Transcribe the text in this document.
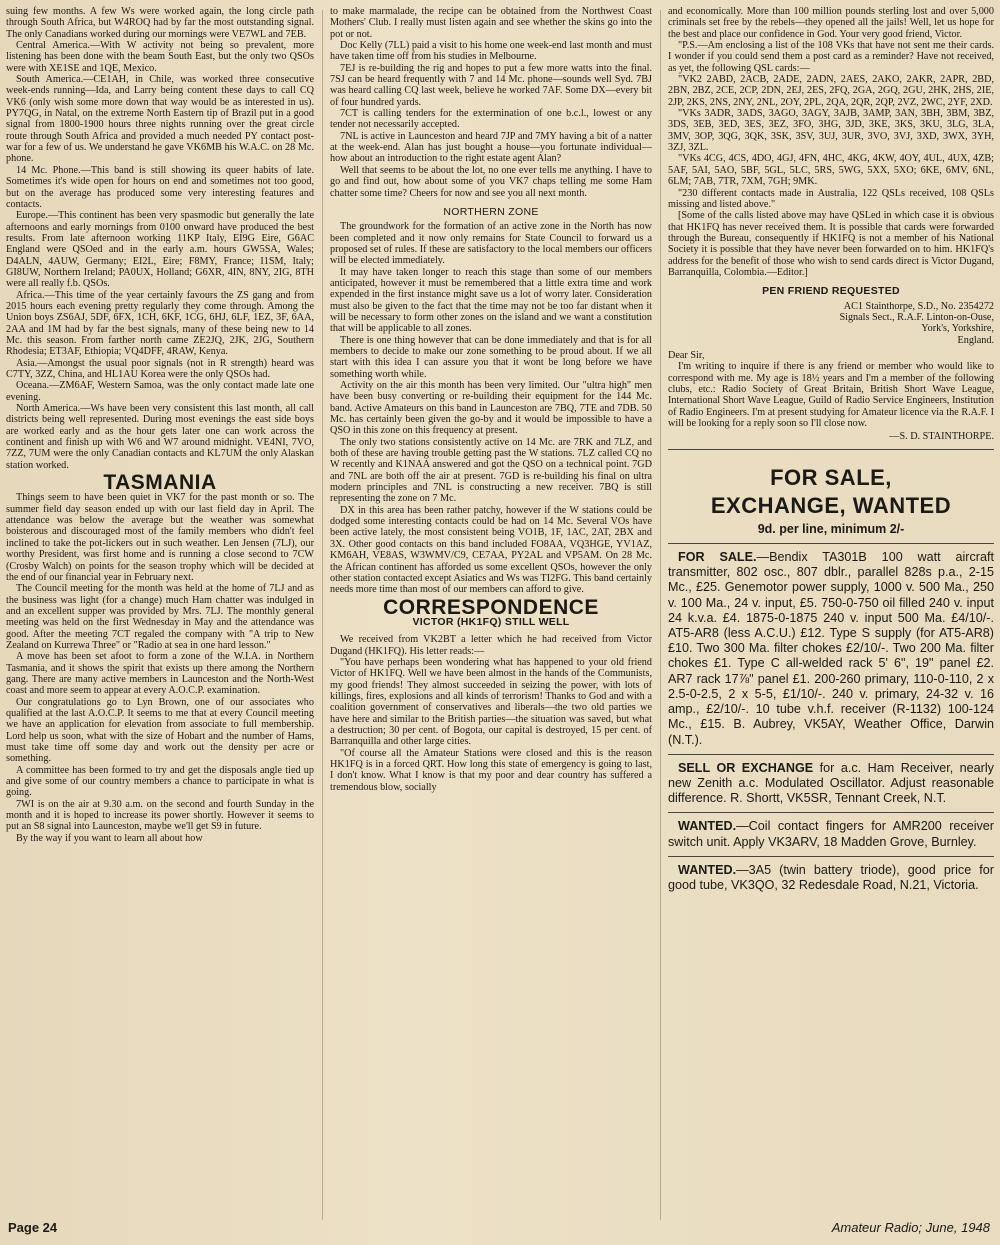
suing few months. A few Ws were worked again, the long circle path through South Africa, but W4ROQ had by far the most outstanding signal. The only Canadians worked during our mornings were VE7WL and 7EB.

Central America.—With W activity not being so prevalent, more listening has been done with the beam South East, but the only two QSOs were with XE1SE and 1QE, Mexico.

South America.—CE1AH, in Chile, was worked three consecutive week-ends running—Ida, and Larry being content these days to call CQ VK6 (only wish some more down that way would be as interested in us). PY7QG, in Natal, on the extreme North Eastern tip of Brazil put in a good signal from 1800-1900 hours three nights running over the great circle route through South Africa and provided a much needed PY contact post-war for a few of us. We understand he gave VK6MB his W.A.C. on 28 Mc. phone.

14 Mc. Phone.—This band is still showing its queer habits of late. Sometimes it's wide open for hours on end and sometimes not too good, but on the average has produced some very interesting features and contacts.

Europe.—This continent has been very spasmodic but generally the late afternoons and early mornings from 0100 onward have produced the best results. From late afternoon working 11KP Italy, EI9G Eire, G6AC England were QSOed and in the early a.m. hours GW5SA, Wales; D4ALN, 4AUW, Germany; EI2L, Eire; F8MY, France; I1SM, Italy; GI8UW, Northern Ireland; PA0UX, Holland; G6XR, 4IN, 8NY, 2IG, 8TH were all really f.b. QSOs.

Africa.—This time of the year certainly favours the ZS gang and from 2015 hours each evening pretty regularly they come through. Among the Union boys ZS6AJ, 5DF, 6FX, 1CH, 6KF, 1CG, 6HJ, 6LF, 1EZ, 3F, 6AA, 2AA and 1M had by far the best signals, many of these being new to 14 Mc. this season. From farther north came ZE2JQ, 2JK, 2JG, Southern Rhodesia; ET3AF, Ethiopia; VQ4DFF, 4RAW, Kenya.

Asia.—Amongst the usual poor signals (not in R strength) heard was C7TY, 3ZZ, China, and HL1AU Korea were the only QSOs had.

Oceana.—ZM6AF, Western Samoa, was the only contact made late one evening.

North America.—Ws have been very consistent this last month, all call districts being well represented. During most evenings the east side boys are worked early and as the hour gets later one can work across the continent and finish up with W6 and W7 around midnight. VE4NI, 7VO, 7ZZ, 7UM were the only Canadian contacts and KL7UM the only Alaskan station worked.

TASMANIA

Things seem to have been quiet in VK7 for the past month or so. The summer field day season ended up with our last field day in April. The attendance was below the average but the weather was somewhat boisterous and discouraged most of the family members who didn't feel inclined to take the pot-lickers out in such weather. Len Jensen (7LJ), our worthy President, was first home and is running a close second to 7CW (Crosby Walch) on points for the season trophy which will be decided at the end of our financial year in February next.

The Council meeting for the month was held at the home of 7LJ and as the business was light (for a change) much Ham chatter was indulged in and an excellent supper was provided by Mrs. 7LJ. The monthly general meeting was held on the first Wednesday in May and the attendance was good. After the meeting 7CT regaled the company with "A trip to New Zealand on Kurrewa Three" or "Radio at sea in one hard lesson."

A move has been set afoot to form a zone of the W.I.A. in Northern Tasmania, and it shows the spirit that exists up there among the Northern gang. There are many active members in Launceston and the North-West coast and more seem to appear at every A.O.C.P. examination.

Our congratulations go to Lyn Brown, one of our associates who qualified at the last A.O.C.P. It seems to me that at every Council meeting we have an application for elevation from associate to full membership. Lord help us soon, what with the size of Hobart and the number of Hams, must take time off some day and work out the density per acre or something.

A committee has been formed to try and get the disposals angle tied up and give some of our country members a chance to participate in what is going.

7WI is on the air at 9.30 a.m. on the second and fourth Sunday in the month and it is hoped to increase its power shortly. However it seems to put an S8 signal into Launceston, maybe we'll get S9 in future.

By the way if you want to learn all about how

to make marmalade, the recipe can be obtained from the Northwest Coast Mothers' Club. I really must listen again and see whether the skins go into the pot or not.

Doc Kelly (7LL) paid a visit to his home one week-end last month and must have taken time off from his studies in Melbourne.

7EJ is re-building the rig and hopes to put a few more watts into the final. 7SJ can be heard frequently with 7 and 14 Mc. phone—sounds well Syd. 7BJ was heard calling CQ last week, believe he worked 7AF. Some DX—every bit of four hundred yards.

7CT is calling tenders for the extermination of one b.c.l., lowest or any tender not necessarily accepted.

7NL is active in Launceston and heard 7JP and 7MY having a bit of a natter at the week-end. Alan has just bought a house—you fortunate individual—how about an introduction to the right estate agent Alan?

Well that seems to be about the lot, no one ever tells me anything. I have to go and find out, how about some of you VK7 chaps telling me some Ham chatter some time? Cheers for now and see you all next month.

NORTHERN ZONE

The groundwork for the formation of an active zone in the North has now been completed and it now only remains for State Council to forward us a proposed set of rules. If these are satisfactory to the local members our officers will be elected immediately.

It may have taken longer to reach this stage than some of our members anticipated, however it must be remembered that a little extra time and work expended in the first instance might save us a lot of worry later. Consideration must also be given to the fact that the time may not be too far distant when it will be necessary to form other zones on the island and we want a constitution that will be applicable to all zones.

There is one thing however that can be done immediately and that is for all members to decide to make our zone something to be proud about. If we all start with this idea I can assure you that it wont be long before we have something worth while.

Activity on the air this month has been very limited. Our "ultra high" men have been busy converting or re-building their equipment for the 144 Mc. band. Active Amateurs on this band in Launceston are 7BQ, 7TE and 7DB. 50 Mc. has certainly been given the go-by and it would be impossible to have a QSO in this zone on this frequency at present.

The only two stations consistently active on 14 Mc. are 7RK and 7LZ, and both of these are having trouble getting past the W stations. 7LZ called CQ no W recently and K1NAA answered and got the QSO on a technical point. 7GD and 7NL are both off the air at present. 7GD is re-building his final on ultra modern principles and 7NL is constructing a new receiver. 7BQ is still representing the zone on 7 Mc.

DX in this area has been rather patchy, however if the W stations could be dodged some interesting contacts could be had on 14 Mc. Several VOs have been active lately, the most consistent being VO1B, 1F, 1AC, 2AT, 2BX and 3X. Other good contacts on this band included FO8AA, VQ3HGE, YV1AZ, KM6AH, VE8AS, W3WMV/C9, CE7AA, PY2AL and VP5AM. On 28 Mc. the African continent has afforded us some excellent QSOs, however the only other station contacted except Asiatics and Ws was TI2FG. This band certainly needs more time than most of our members can afford to give.

CORRESPONDENCE
VICTOR (HK1FQ) STILL WELL

We received from VK2BT a letter which he had received from Victor Dugand (HK1FQ). His letter reads:—

"You have perhaps been wondering what has happened to your old friend Victor of HK1FQ. Well we have been almost in the hands of the Communists, my good friends! They almost succeeded in seizing the power, with lots of killings, fires, explosions and all kinds of terrorism! Thanks to God and with a coalition government of conservatives and liberals—the two old parties we have here and similar to the British parties—the situation was saved, but what a destruction; 30 per cent. of Bogota, our capital is destroyed, 15 per cent. of Barranquilla and other large cities.

"Of course all the Amateur Stations were closed and this is the reason HK1FQ is in a forced QRT. How long this state of emergency is going to last, I don't know. What I know is that my poor and dear country has suffered a tremendous blow, socially

and economically. More than 100 million pounds sterling lost and over 5,000 criminals set free by the rebels—they opened all the jails! Well, let us hope for the best and place our confidence in God. Your very good friend, Victor.

"P.S.—Am enclosing a list of the 108 VKs that have not sent me their cards. I wonder if you could send them a post card as a reminder? Have not received, as yet, the following QSL cards:—

"VK2 2ABD, 2ACB, 2ADE, 2ADN, 2AES, 2AKO, 2AKR, 2APR, 2BD, 2BN, 2BZ, 2CE, 2CP, 2DN, 2EJ, 2ES, 2FQ, 2GA, 2GQ, 2GU, 2HK, 2HS, 2IE, 2JP, 2KS, 2NS, 2NY, 2NL, 2OY, 2PL, 2QA, 2QR, 2QP, 2VZ, 2WC, 2YF, 2XD.

"VKs 3ADR, 3ADS, 3AGO, 3AGY, 3AJB, 3AMP, 3AN, 3BH, 3BM, 3BZ, 3DS, 3EB, 3ED, 3ES, 3EZ, 3FO, 3HG, 3JD, 3KE, 3KS, 3KU, 3LG, 3LA, 3MV, 3OP, 3QG, 3QK, 3SK, 3SV, 3UJ, 3UR, 3VO, 3VJ, 3XD, 3WX, 3YH, 3ZJ, 3ZL.

"VKs 4CG, 4CS, 4DO, 4GJ, 4FN, 4HC, 4KG, 4KW, 4OY, 4UL, 4UX, 4ZB; 5AF, 5AI, 5AO, 5BF, 5GL, 5LC, 5RS, 5WG, 5XX, 5XO; 6KE, 6MV, 6NL, 6LM; 7AB, 7TR, 7XM, 7GH; 9MK.

"230 different contacts made in Australia, 122 QSLs received, 108 QSLs missing and listed above."

[Some of the calls listed above may have QSLed in which case it is obvious that HK1FQ has never received them. It is possible that cards were forwarded through the Bureau, consequently if HK1FQ is not a member of his National Society it is possible that they have never been forwarded on to him. HK1FQ's address for the benefit of those who wish to send cards direct is Victor Dugand, Barranquilla, Colombia.—Editor.]

PEN FRIEND REQUESTED

AC1 Stainthorpe, S.D., No. 2354272

Signals Sect., R.A.F. Linton-on-Ouse,

York's, Yorkshire,

England.

Dear Sir,

I'm writing to inquire if there is any friend or member who would like to correspond with me. My age is 18½ years and I'm a member of the following clubs, etc.: Radio Society of Great Britain, British Short Wave League, International Short Wave League, Guild of Radio Service Engineers, Institution of Radio Engineers. I'm at present studying for Amateur licence via the R.A.F. I will be looking for a reply soon so I'll close now.

—S. D. STAINTHORPE.

FOR SALE,
EXCHANGE, WANTED
9d. per line, minimum 2/-

FOR SALE.—Bendix TA301B 100 watt aircraft transmitter, 802 osc., 807 dblr., parallel 828s p.a., 2-15 Mc., £25. Genemotor power supply, 1000 v. 500 Ma., 250 v. 100 Ma., 24 v. input, £5. 750-0-750 oil filled 240 v. input 24 k.v.a. £4. 1875-0-1875 240 v. input 500 Ma. £4/10/-. AT5-AR8 (less A.C.U.) £12. Type S supply (for AT5-AR8) £10. Two 300 Ma. filter chokes £2/10/-. Two 200 Ma. filter chokes £1. Type C all-welded rack 5' 6", 19" panel £2. AR7 rack 17⅞" panel £1. 200-260 primary, 110-0-110, 2 x 2.5-0-2.5, 2 x 5-5, £1/10/-. 240 v. primary, 24-32 v. 16 amp., £2/10/-. 10 tube v.h.f. receiver (R-1132) 100-124 Mc., £15. B. Aubrey, VK5AY, Weather Office, Darwin (N.T.).

SELL OR EXCHANGE for a.c. Ham Receiver, nearly new Zenith a.c. Modulated Oscillator. Adjust reasonable difference. R. Shortt, VK5SR, Tennant Creek, N.T.

WANTED.—Coil contact fingers for AMR200 receiver switch unit. Apply VK3ARV, 18 Madden Grove, Burnley.

WANTED.—3A5 (twin battery triode), good price for good tube, VK3QO, 32 Redesdale Road, N.21, Victoria.

Page 24	Amateur Radio; June, 1948
